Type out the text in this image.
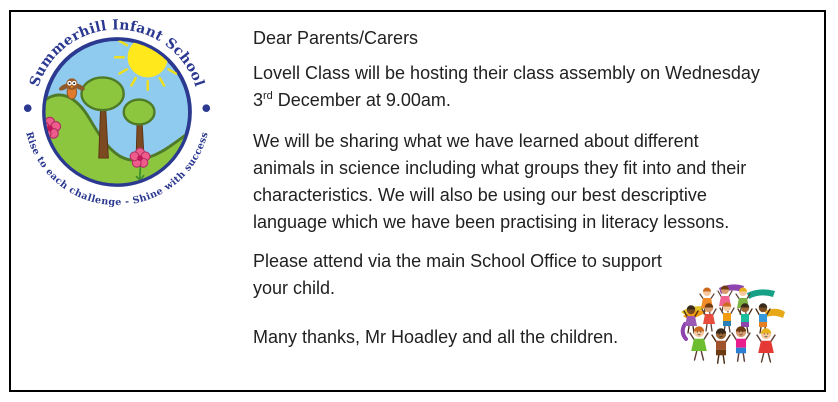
Summerhill Infant School
Rise to each challenge - Shine with success
Dear Parents/Carers
Lovell Class will be hosting their class assembly on Wednesday
3rd December at 9.00am.
We will be sharing what we have learned about different
animals in science including what groups they fit into and their
characteristics. We will also be using our best descriptive
language which we have been practising in literacy lessons.
Please attend via the main School Office to support
your child.
Many thanks, Mr Hoadley and all the children.
